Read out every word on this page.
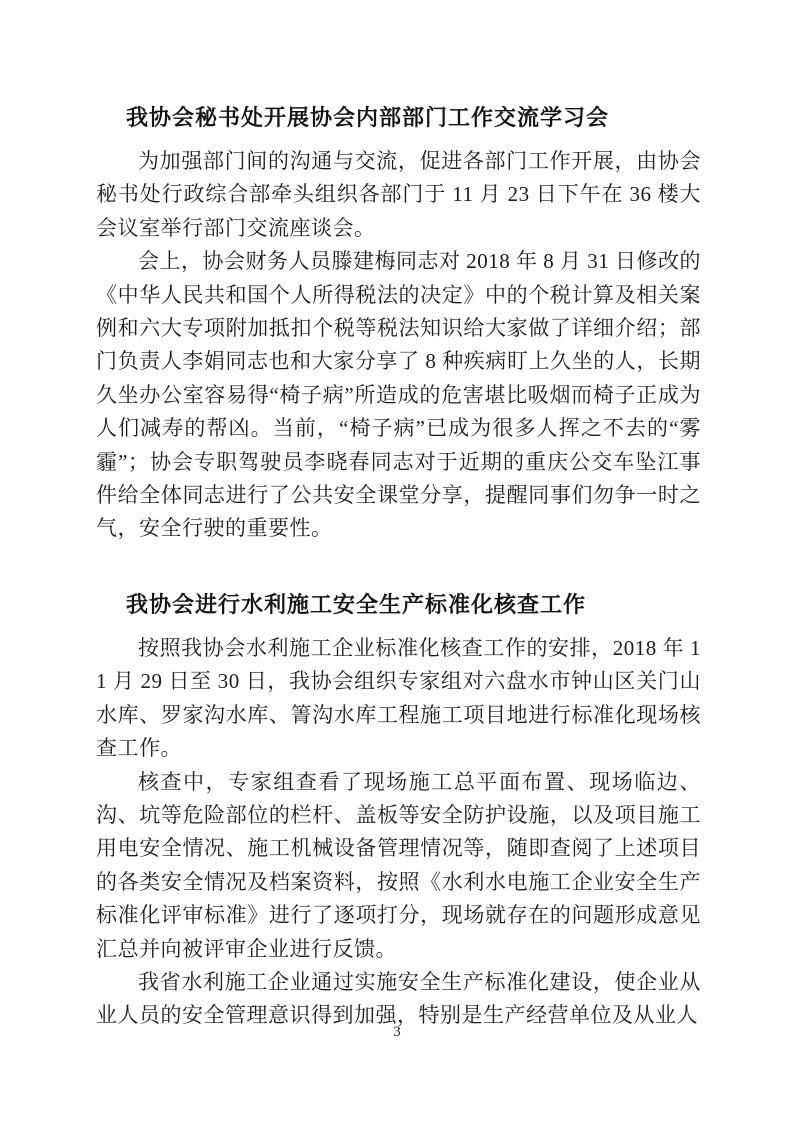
我协会秘书处开展协会内部部门工作交流学习会

为加强部门间的沟通与交流，促进各部门工作开展，由协会秘书处行政综合部牵头组织各部门于 11 月 23 日下午在 36 楼大会议室举行部门交流座谈会。

会上，协会财务人员滕建梅同志对 2018 年 8 月 31 日修改的《中华人民共和国个人所得税法的决定》中的个税计算及相关案例和六大专项附加抵扣个税等税法知识给大家做了详细介绍；部门负责人李娟同志也和大家分享了 8 种疾病盯上久坐的人，长期久坐办公室容易得“椅子病”所造成的危害堪比吸烟而椅子正成为人们减寿的帮凶。当前，“椅子病”已成为很多人挥之不去的“雾霾”；协会专职驾驶员李晓春同志对于近期的重庆公交车坠江事件给全体同志进行了公共安全课堂分享，提醒同事们勿争一时之气，安全行驶的重要性。

我协会进行水利施工安全生产标准化核查工作

按照我协会水利施工企业标准化核查工作的安排，2018 年 11 月 29 日至 30 日，我协会组织专家组对六盘水市钟山区关门山水库、罗家沟水库、箐沟水库工程施工项目地进行标准化现场核查工作。

核查中，专家组查看了现场施工总平面布置、现场临边、沟、坑等危险部位的栏杆、盖板等安全防护设施，以及项目施工用电安全情况、施工机械设备管理情况等，随即查阅了上述项目的各类安全情况及档案资料，按照《水利水电施工企业安全生产标准化评审标准》进行了逐项打分，现场就存在的问题形成意见汇总并向被评审企业进行反馈。

我省水利施工企业通过实施安全生产标准化建设，使企业从业人员的安全管理意识得到加强，特别是生产经营单位及从业人

3
